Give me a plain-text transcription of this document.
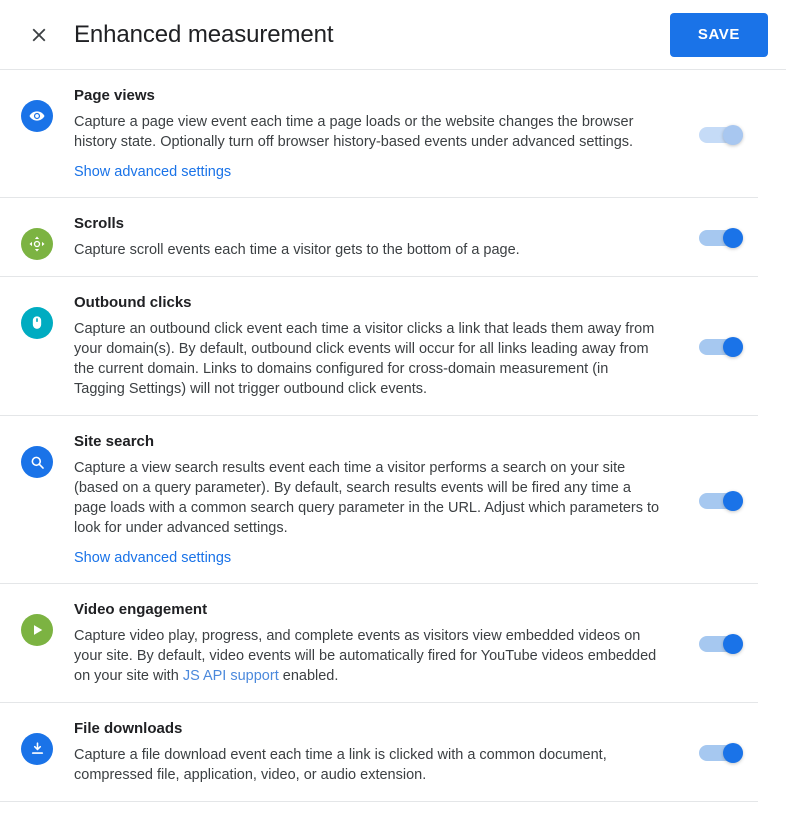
Enhanced measurement	SAVE
Page views

Capture a page view event each time a page loads or the website changes the browser history state. Optionally turn off browser history-based events under advanced settings.

Show advanced settings
Scrolls

Capture scroll events each time a visitor gets to the bottom of a page.

Outbound clicks

Capture an outbound click event each time a visitor clicks a link that leads them away from your domain(s). By default, outbound click events will occur for all links leading away from the current domain. Links to domains configured for cross-domain measurement (in Tagging Settings) will not trigger outbound click events.

Site search

Capture a view search results event each time a visitor performs a search on your site (based on a query parameter). By default, search results events will be fired any time a page loads with a common search query parameter in the URL. Adjust which parameters to look for under advanced settings.

Show advanced settings
Video engagement

Capture video play, progress, and complete events as visitors view embedded videos on your site. By default, video events will be automatically fired for YouTube videos embedded on your site with JS API support enabled.

File downloads

Capture a file download event each time a link is clicked with a common document, compressed file, application, video, or audio extension.
